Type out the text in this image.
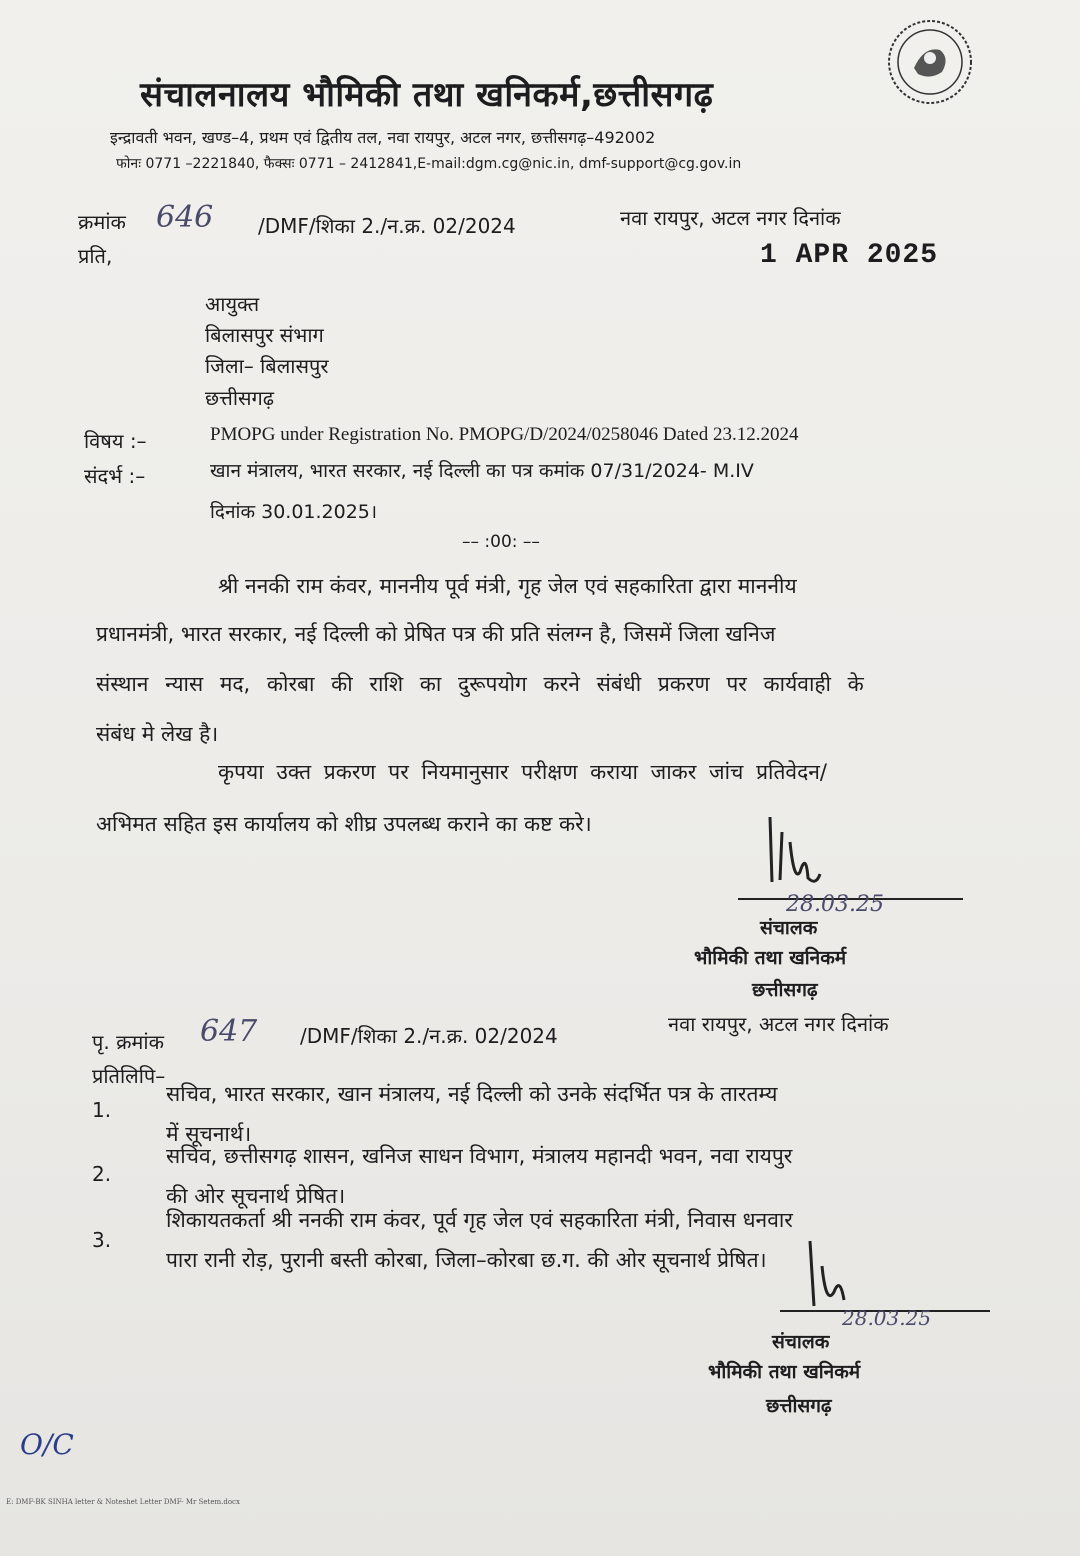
संचालनालय भौमिकी तथा खनिकर्म,छत्तीसगढ़
इन्द्रावती भवन, खण्ड–4, प्रथम एवं द्वितीय तल, नवा रायपुर, अटल नगर, छत्तीसगढ़–492002
फोनः 0771 –2221840, फैक्सः 0771 – 2412841,E-mail:dgm.cg@nic.in, dmf-support@cg.gov.in
क्रमांक 646 /DMF/शिका 2./न.क्र. 02/2024	नवा रायपुर, अटल नगर दिनांक
प्रति,	1 APR 2025
आयुक्त
बिलासपुर संभाग
जिला– बिलासपुर
छत्तीसगढ़
विषय :–	PMOPG under Registration No. PMOPG/D/2024/0258046 Dated 23.12.2024
संदर्भ :–	खान मंत्रालय, भारत सरकार, नई दिल्ली का पत्र कमांक 07/31/2024- M.IV
दिनांक 30.01.2025।
–– :00: ––
श्री ननकी राम कंवर, माननीय पूर्व मंत्री, गृह जेल एवं सहकारिता द्वारा माननीय
प्रधानमंत्री, भारत सरकार, नई दिल्ली को प्रेषित पत्र की प्रति संलग्न है, जिसमें जिला खनिज
संस्थान न्यास मद, कोरबा की राशि का दुरूपयोग करने संबंधी प्रकरण पर कार्यवाही के
संबंध मे लेख है।
कृपया उक्त प्रकरण पर नियमानुसार परीक्षण कराया जाकर जांच प्रतिवेदन/
अभिमत सहित इस कार्यालय को शीघ्र उपलब्ध कराने का कष्ट करे।
28.03.25
संचालक
भौमिकी तथा खनिकर्म
छत्तीसगढ़
पृ. क्रमांक 647 /DMF/शिका 2./न.क्र. 02/2024	नवा रायपुर, अटल नगर दिनांक
प्रतिलिपि–
1.
सचिव, भारत सरकार, खान मंत्रालय, नई दिल्ली को उनके संदर्भित पत्र के तारतम्य
में सूचनार्थ।
2.
सचिव, छत्तीसगढ़ शासन, खनिज साधन विभाग, मंत्रालय महानदी भवन, नवा रायपुर
की ओर सूचनार्थ प्रेषित।
3.
शिकायतकर्ता श्री ननकी राम कंवर, पूर्व गृह जेल एवं सहकारिता मंत्री, निवास धनवार
पारा रानी रोड़, पुरानी बस्ती कोरबा, जिला–कोरबा छ.ग. की ओर सूचनार्थ प्रेषित।
28.03.25
संचालक
भौमिकी तथा खनिकर्म
छत्तीसगढ़
O/C
E: DMF-BK SINHA letter & Noteshet Letter DMF- Mr Setem.docx
